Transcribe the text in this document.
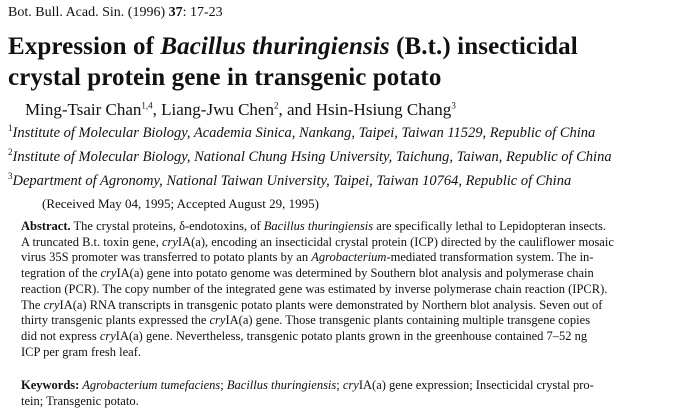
Bot. Bull. Acad. Sin. (1996) 37: 17-23
Expression of Bacillus thuringiensis (B.t.) insecticidal
crystal protein gene in transgenic potato
Ming-Tsair Chan$^{1,4}$, Liang-Jwu Chen$^2$, and Hsin-Hsiung Chang$^3$
$^1$Institute of Molecular Biology, Academia Sinica, Nankang, Taipei, Taiwan 11529, Republic of China
$^2$Institute of Molecular Biology, National Chung Hsing University, Taichung, Taiwan, Republic of China
$^3$Department of Agronomy, National Taiwan University, Taipei, Taiwan 10764, Republic of China
(Received May 04, 1995; Accepted August 29, 1995)
Abstract. The crystal proteins, δ-endotoxins, of Bacillus thuringiensis are specifically lethal to Lepidopteran insects.
A truncated B.t. toxin gene, cryIA(a), encoding an insecticidal crystal protein (ICP) directed by the cauliflower mosaic
virus 35S promoter was transferred to potato plants by an Agrobacterium-mediated transformation system. The in-
tegration of the cryIA(a) gene into potato genome was determined by Southern blot analysis and polymerase chain
reaction (PCR). The copy number of the integrated gene was estimated by inverse polymerase chain reaction (IPCR).
The cryIA(a) RNA transcripts in transgenic potato plants were demonstrated by Northern blot analysis. Seven out of
thirty transgenic plants expressed the cryIA(a) gene. Those transgenic plants containing multiple transgene copies
did not express cryIA(a) gene. Nevertheless, transgenic potato plants grown in the greenhouse contained 7–52 ng
ICP per gram fresh leaf.
Keywords: Agrobacterium tumefaciens; Bacillus thuringiensis; cryIA(a) gene expression; Insecticidal crystal pro-
tein; Transgenic potato.
